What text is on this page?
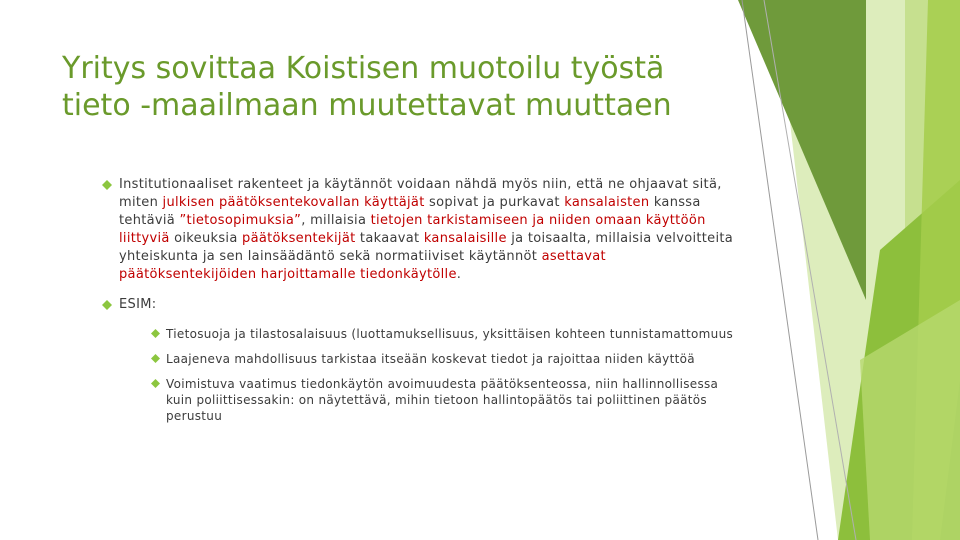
Yritys sovittaa Koistisen muotoilu työstä
tieto -maailmaan muutettavat muuttaen
Institutionaaliset rakenteet ja käytännöt voidaan nähdä myös niin, että ne ohjaavat sitä, miten julkisen päätöksentekovallan käyttäjät sopivat ja purkavat kansalaisten kanssa tehtäviä ”tietosopimuksia”, millaisia tietojen tarkistamiseen ja niiden omaan käyttöön liittyviä oikeuksia päätöksentekijät takaavat kansalaisille ja toisaalta, millaisia velvoitteita yhteiskunta ja sen lainsäädäntö sekä normatiiviset käytännöt asettavat päätöksentekijöiden harjoittamalle tiedonkäytölle.
ESIM:
Tietosuoja ja tilastosalaisuus (luottamuksellisuus, yksittäisen kohteen tunnistamattomuus
Laajeneva mahdollisuus tarkistaa itseään koskevat tiedot ja rajoittaa niiden käyttöä
Voimistuva vaatimus tiedonkäytön avoimuudesta päätöksenteossa, niin hallinnollisessa kuin poliittisessakin: on näytettävä, mihin tietoon hallintopäätös tai poliittinen päätös perustuu
